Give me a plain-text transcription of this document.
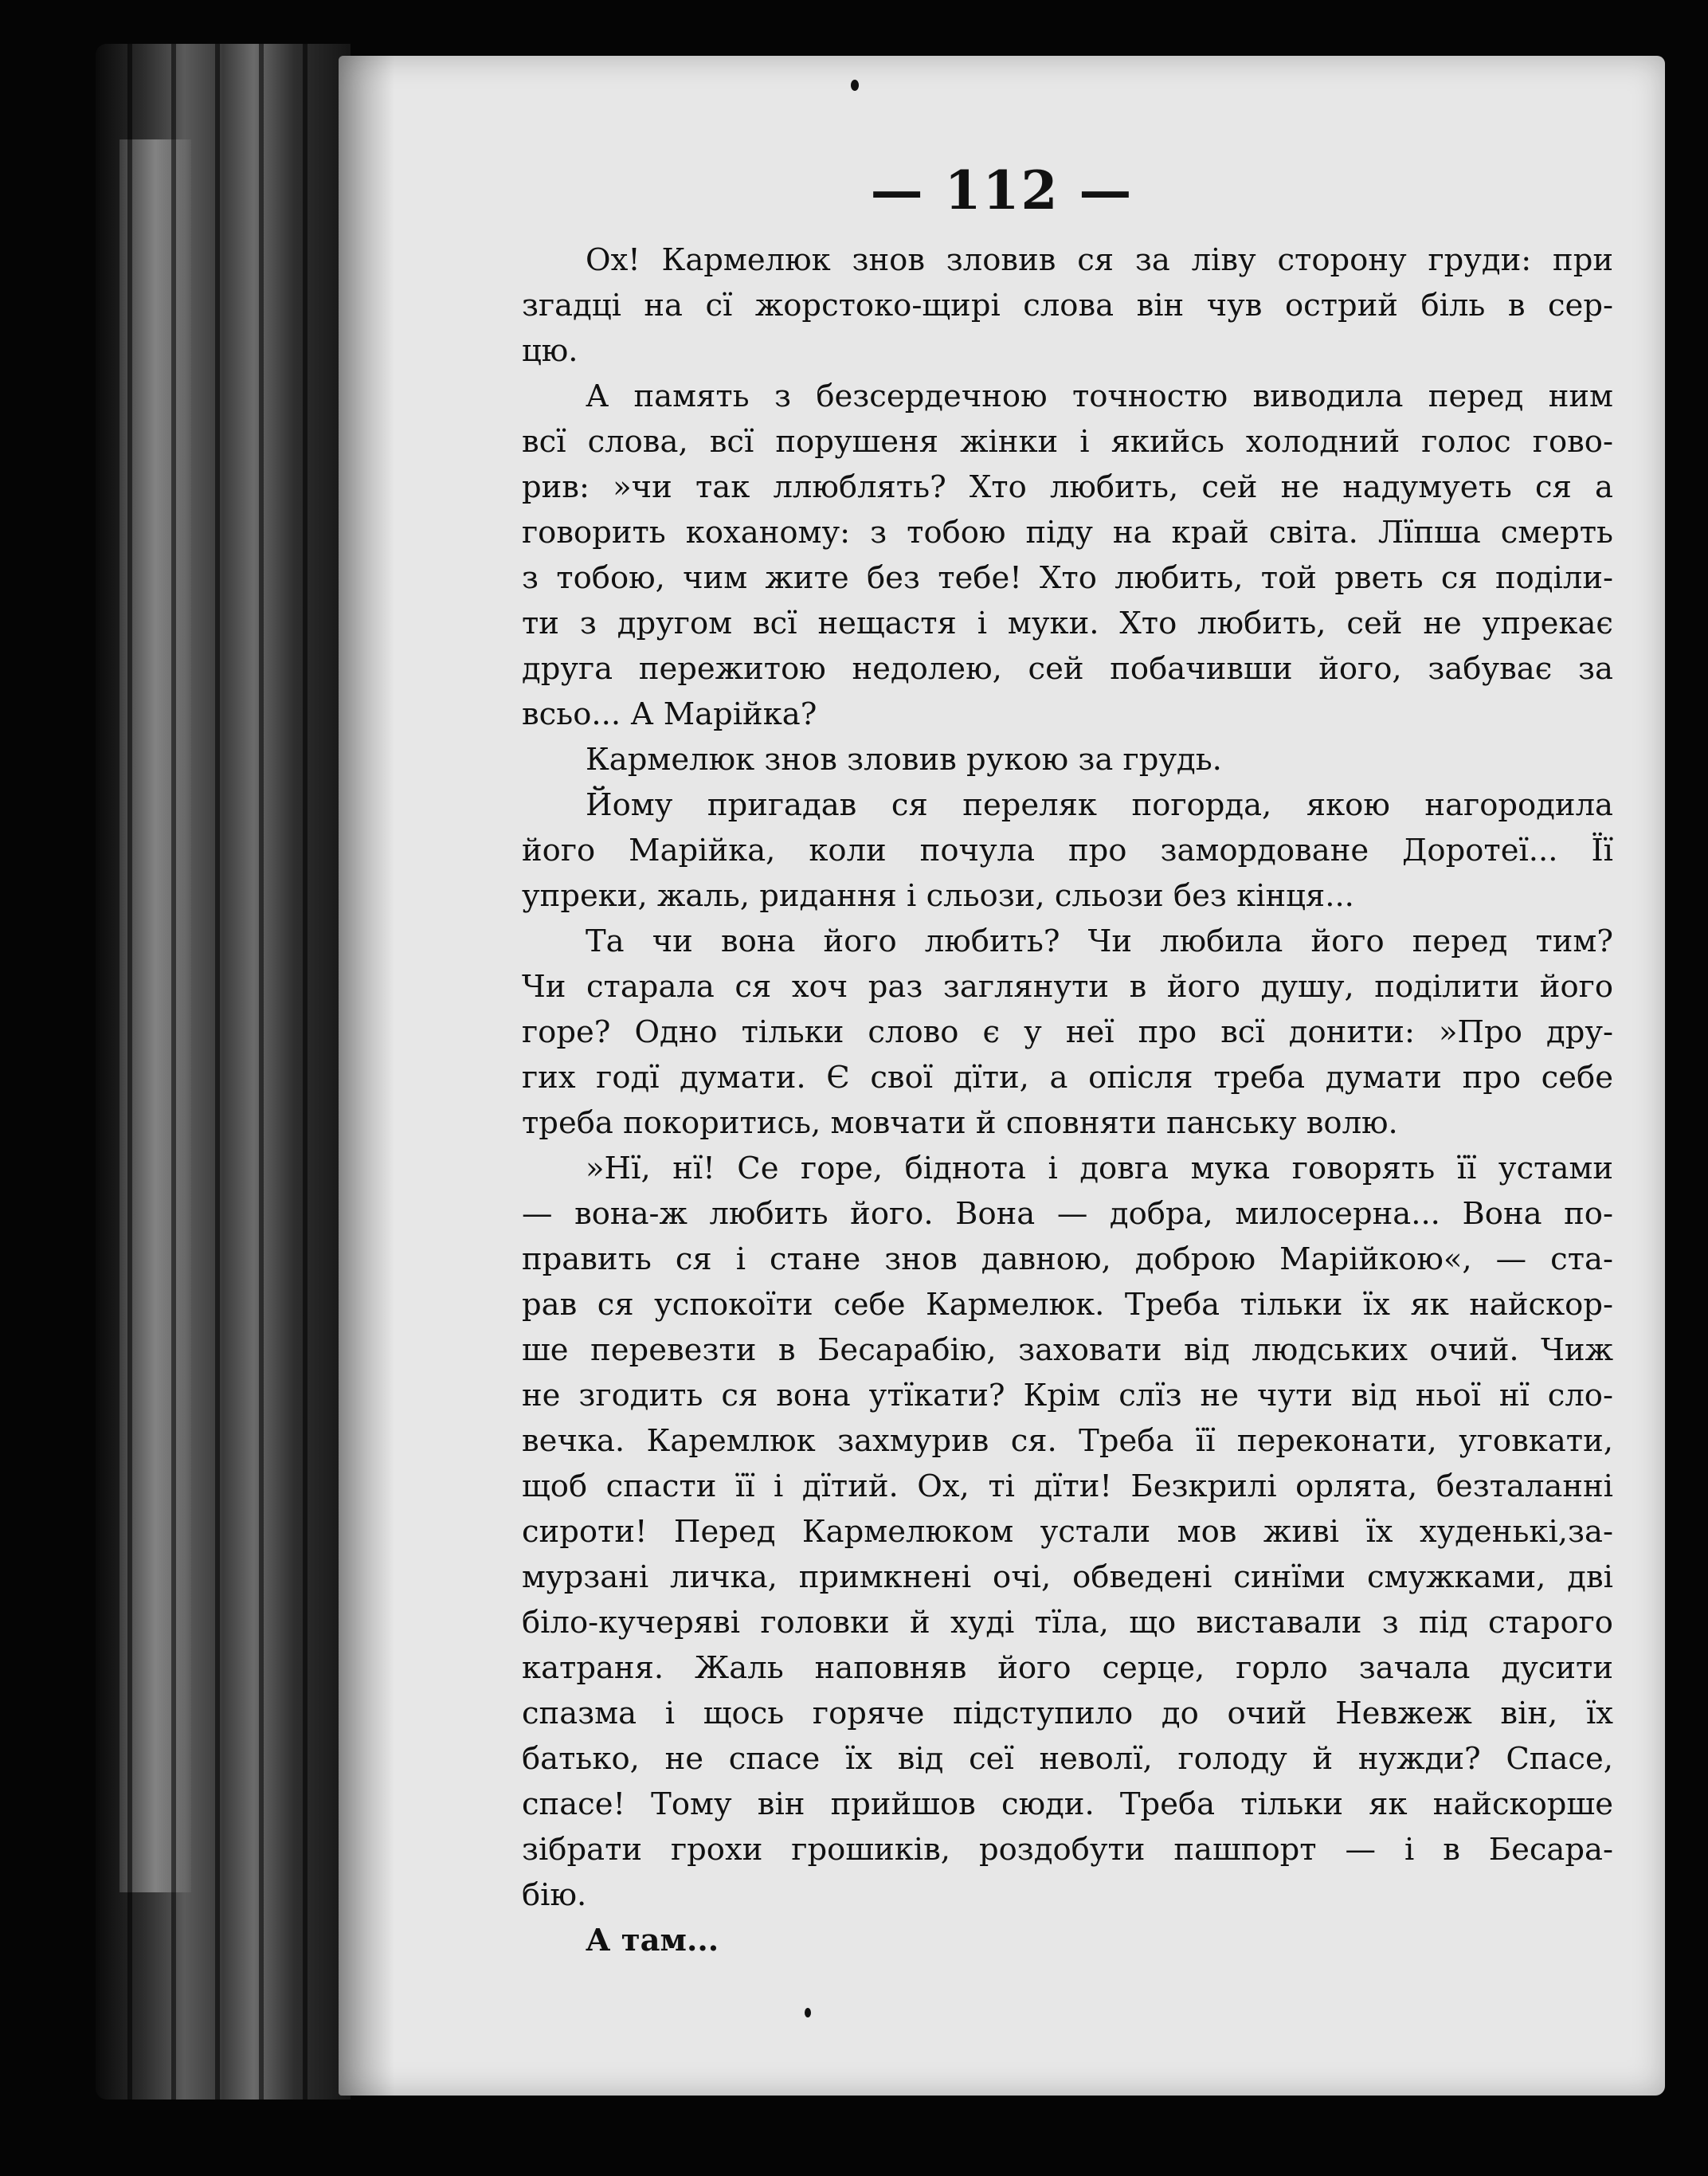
— 112 —
Ох! Кармелюк знов зловив ся за ліву сторону груди: при
згадці на сї жорстоко-щирі слова він чув острий біль в сер-
цю.
А память з безсердечною точностю виводила перед ним
всї слова, всї порушеня жінки і якийсь холодний голос гово-
рив: »чи так ллюблять? Хто любить, сей не надумуеть ся а
говорить коханому: з тобою піду на край світа. Лїпша смерть
з тобою, чим жите без тебе! Хто любить, той рветь ся поділи-
ти з другом всї нещастя і муки. Хто любить, сей не упрекає
друга пережитою недолею, сей побачивши його, забуває за
всьо... А Марійка?
Кармелюк знов зловив рукою за грудь.
Йому пригадав ся переляк погорда, якою нагородила
його Марійка, коли почула про замордоване Доротеї... Її
упреки, жаль, ридання і сльози, сльози без кінця...
Та чи вона його любить? Чи любила його перед тим?
Чи старала ся хоч раз заглянути в його душу, поділити його
горе? Одно тільки слово є у неї про всї донити: »Про дру-
гих годї думати. Є свої дїти, а опісля треба думати про себе
треба покоритись, мовчати й сповняти панську волю.
»Нї, нї! Се горе, біднота і довга мука говорять її устами
— вона-ж любить його. Вона — добра, милосерна... Вона по-
править ся і стане знов давною, доброю Марійкою«, — ста-
рав ся успокоїти себе Кармелюк. Треба тільки їх як найскор-
ше перевезти в Бесарабію, заховати від людських очий. Чиж
не згодить ся вона утїкати? Крім слїз не чути від ньої нї сло-
вечка. Каремлюк захмурив ся. Треба її переконати, уговкати,
щоб спасти її і дїтий. Ох, ті дїти! Безкрилі орлята, безталанні
сироти! Перед Кармелюком устали мов живі їх худенькі,за-
мурзані личка, примкнені очі, обведені синїми смужками, дві
біло-кучеряві головки й худі тїла, що виставали з під старого
катраня. Жаль наповняв його серце, горло зачала дусити
спазма і щось горяче підступило до очий Невжеж він, їх
батько, не спасе їх від сеї неволї, голоду й нужди? Спасе,
спасе! Тому він прийшов сюди. Треба тільки як найскорше
зібрати грохи грошиків, роздобути пашпорт — і в Бесара-
бію.
А там...
